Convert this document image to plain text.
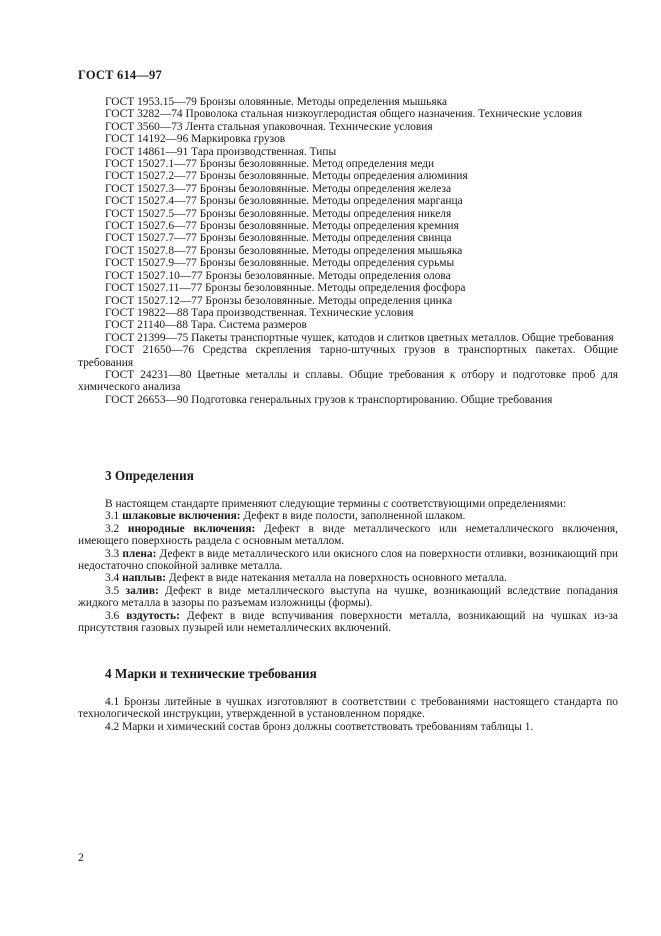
ГОСТ 614—97

ГОСТ 1953.15—79 Бронзы оловянные. Методы определения мышьяка

ГОСТ 3282—74 Проволока стальная низкоуглеродистая общего назначения. Технические условия

ГОСТ 3560—73 Лента стальная упаковочная. Технические условия

ГОСТ 14192—96 Маркировка грузов

ГОСТ 14861—91 Тара производственная. Типы

ГОСТ 15027.1—77 Бронзы безоловянные. Метод определения меди

ГОСТ 15027.2—77 Бронзы безоловянные. Методы определения алюминия

ГОСТ 15027.3—77 Бронзы безоловянные. Методы определения железа

ГОСТ 15027.4—77 Бронзы безоловянные. Методы определения марганца

ГОСТ 15027.5—77 Бронзы безоловянные. Методы определения никеля

ГОСТ 15027.6—77 Бронзы безоловянные. Методы определения кремния

ГОСТ 15027.7—77 Бронзы безоловянные. Методы определения свинца

ГОСТ 15027.8—77 Бронзы безоловянные. Методы определения мышьяка

ГОСТ 15027.9—77 Бронзы безоловянные. Методы определения сурьмы

ГОСТ 15027.10—77 Бронзы безоловянные. Методы определения олова

ГОСТ 15027.11—77 Бронзы безоловянные. Методы определения фосфора

ГОСТ 15027.12—77 Бронзы безоловянные. Методы определения цинка

ГОСТ 19822—88 Тара производственная. Технические условия

ГОСТ 21140—88 Тара. Система размеров

ГОСТ 21399—75 Пакеты транспортные чушек, катодов и слитков цветных металлов. Общие требования

ГОСТ 21650—76 Средства скрепления тарно-штучных грузов в транспортных пакетах. Общие требования

ГОСТ 24231—80 Цветные металлы и сплавы. Общие требования к отбору и подготовке проб для химического анализа

ГОСТ 26653—90 Подготовка генеральных грузов к транспортированию. Общие требования

3 Определения

В настоящем стандарте применяют следующие термины с соответствующими определениями:

3.1 шлаковые включения: Дефект в виде полости, заполненной шлаком.

3.2 инородные включения: Дефект в виде металлического или неметаллического включения, имеющего поверхность раздела с основным металлом.

3.3 плена: Дефект в виде металлического или окисного слоя на поверхности отливки, возникающий при недостаточно спокойной заливке металла.

3.4 наплыв: Дефект в виде натекания металла на поверхность основного металла.

3.5 залив: Дефект в виде металлического выступа на чушке, возникающий вследствие попадания жидкого металла в зазоры по разъемам изложницы (формы).

3.6 вздутость: Дефект в виде вспучивания поверхности металла, возникающий на чушках из-за присутствия газовых пузырей или неметаллических включений.

4 Марки и технические требования

4.1 Бронзы литейные в чушках изготовляют в соответствии с требованиями настоящего стандарта по технологической инструкции, утвержденной в установленном порядке.

4.2 Марки и химический состав бронз должны соответствовать требованиям таблицы 1.

2
